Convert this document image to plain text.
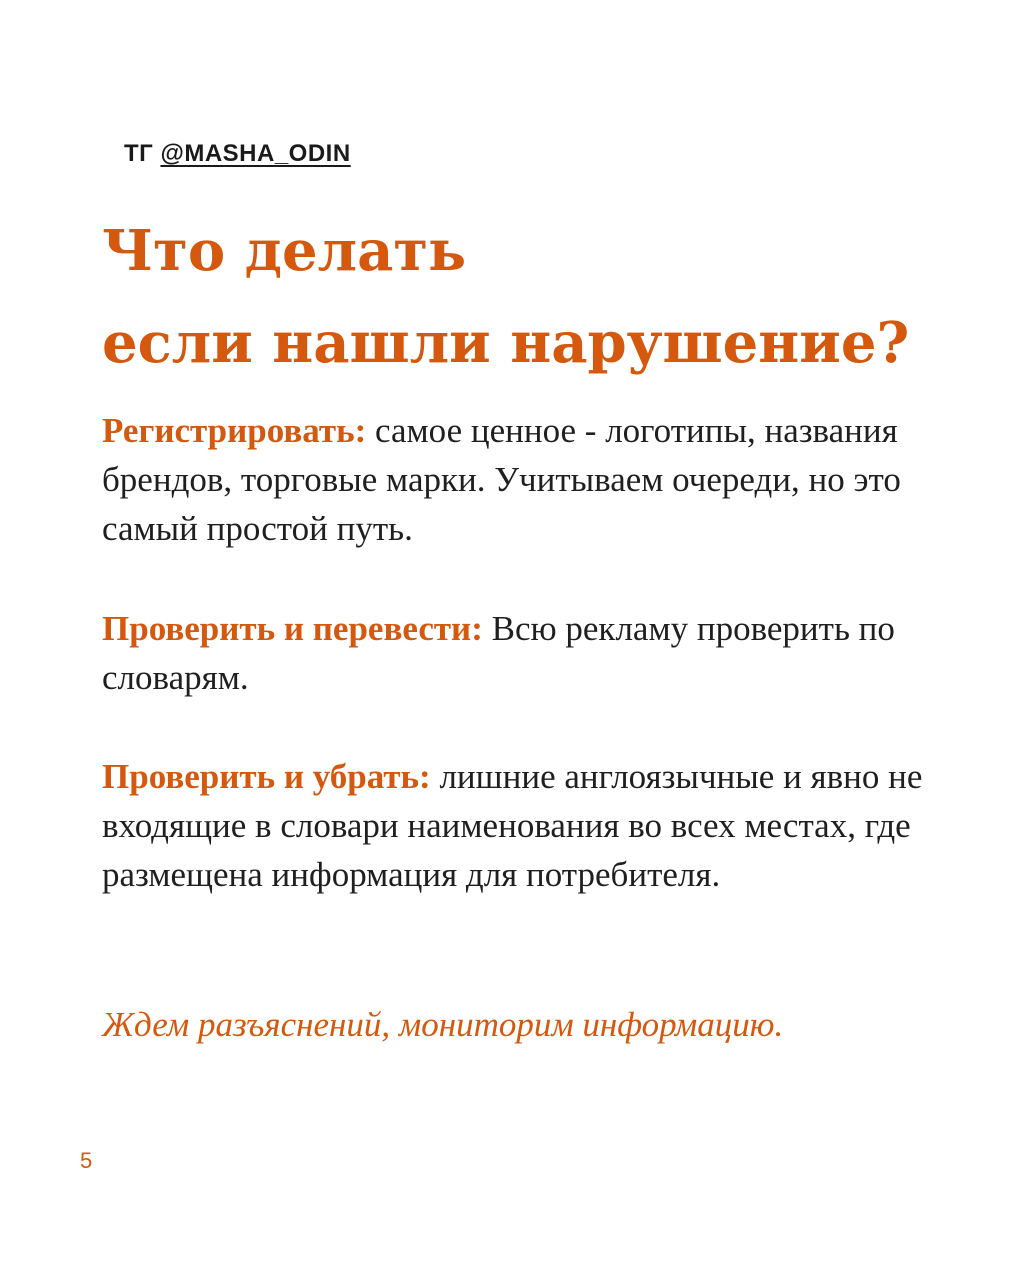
ТГ @MASHA_ODIN
Что делать
если нашли нарушение?

Регистрировать: самое ценное - логотипы, названия брендов, торговые марки. Учитываем очереди, но это самый простой путь.

Проверить и перевести: Всю рекламу проверить по словарям.

Проверить и убрать: лишние англоязычные и явно не входящие в словари наименования во всех местах, где размещена информация для потребителя.

Ждем разъяснений, мониторим информацию.

5
